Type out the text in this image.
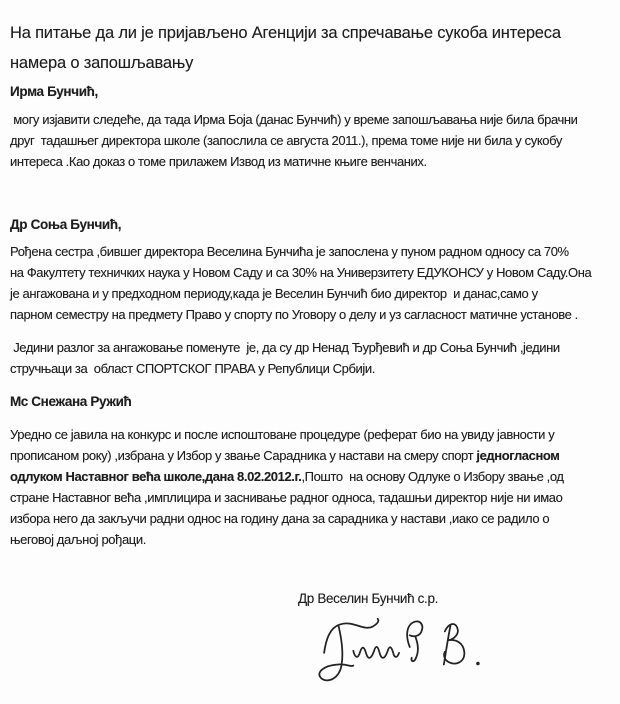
На питање да ли је пријављено Агенцији за спречавање сукоба интереса
намера о запошљавању
Ирма Бунчић,
могу изјавити следеће, да тада Ирма Боја (данас Бунчић) у време запошљавања није била брачни
друг  тадашњег директора школе (запослила се августа 2011.), према томе није ни била у сукобу
интереса .Као доказ о томе прилажем Извод из матичне књиге венчаних.
Др Соња Бунчић,
Рођена сестра ,бившег директора Веселина Бунчића је запослена у пуном радном односу са 70%
на Факултету техничких наука у Новом Саду и са 30% на Универзитету ЕДУКОНСУ у Новом Саду.Она
је ангажована и у предходном периоду,када је Веселин Бунчић био директор  и данас,само у
парном семестру на предмету Право у спорту по Уговору о делу и уз сагласност матичне установе .
Једини разлог за ангажовање поменуте  је, да су др Ненад Ђурђевић и др Соња Бунчић ,једини
стручњаци за  област СПОРТСКОГ ПРАВА у Републици Србији.
Мс Снежана Ружић
Уредно се јавила на конкурс и после испоштоване процедуре (реферат био на увиду јавности у
прописаном року) ,избрана у Избор у звање Сарадника у настави на смеру спорт једногласном
одлуком Наставног већа школе,дана 8.02.2012.г.,Пошто  на основу Одлуке о Избору звање ,од
стране Наставног већа ,имплицира и заснивање радног односа, тадашњи директор није ни имао
избора него да закључи радни однос на годину дана за сарадника у настави ,иако се радило о
његовој даљној рођаци.
Др Веселин Бунчић с.р.
